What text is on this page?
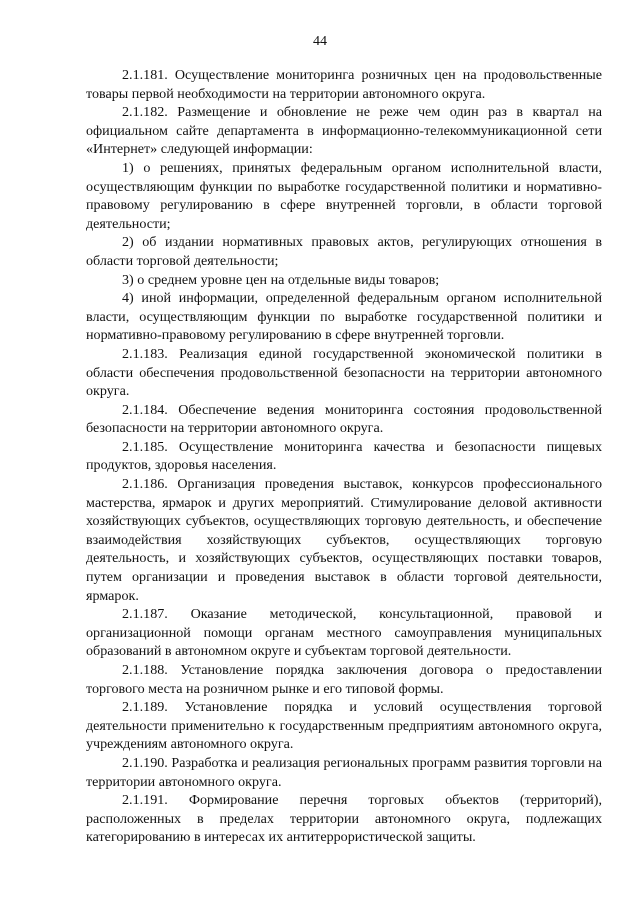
44

2.1.181. Осуществление мониторинга розничных цен на продовольственные товары первой необходимости на территории автономного округа.

2.1.182. Размещение и обновление не реже чем один раз в квартал на официальном сайте департамента в информационно-телекоммуникационной сети «Интернет» следующей информации:

1) о решениях, принятых федеральным органом исполнительной власти, осуществляющим функции по выработке государственной политики и нормативно-правовому регулированию в сфере внутренней торговли, в области торговой деятельности;

2) об издании нормативных правовых актов, регулирующих отношения в области торговой деятельности;

3) о среднем уровне цен на отдельные виды товаров;

4) иной информации, определенной федеральным органом исполнительной власти, осуществляющим функции по выработке государственной политики и нормативно-правовому регулированию в сфере внутренней торговли.

2.1.183. Реализация единой государственной экономической политики в области обеспечения продовольственной безопасности на территории автономного округа.

2.1.184. Обеспечение ведения мониторинга состояния продовольственной безопасности на территории автономного округа.

2.1.185. Осуществление мониторинга качества и безопасности пищевых продуктов, здоровья населения.

2.1.186. Организация проведения выставок, конкурсов профессионального мастерства, ярмарок и других мероприятий. Стимулирование деловой активности хозяйствующих субъектов, осуществляющих торговую деятельность, и обеспечение взаимодействия хозяйствующих субъектов, осуществляющих торговую деятельность, и хозяйствующих субъектов, осуществляющих поставки товаров, путем организации и проведения выставок в области торговой деятельности, ярмарок.

2.1.187. Оказание методической, консультационной, правовой и организационной помощи органам местного самоуправления муниципальных образований в автономном округе и субъектам торговой деятельности.

2.1.188. Установление порядка заключения договора о предоставлении торгового места на розничном рынке и его типовой формы.

2.1.189. Установление порядка и условий осуществления торговой деятельности применительно к государственным предприятиям автономного округа, учреждениям автономного округа.

2.1.190. Разработка и реализация региональных программ развития торговли на территории автономного округа.

2.1.191. Формирование перечня торговых объектов (территорий), расположенных в пределах территории автономного округа, подлежащих категорированию в интересах их антитеррористической защиты.
